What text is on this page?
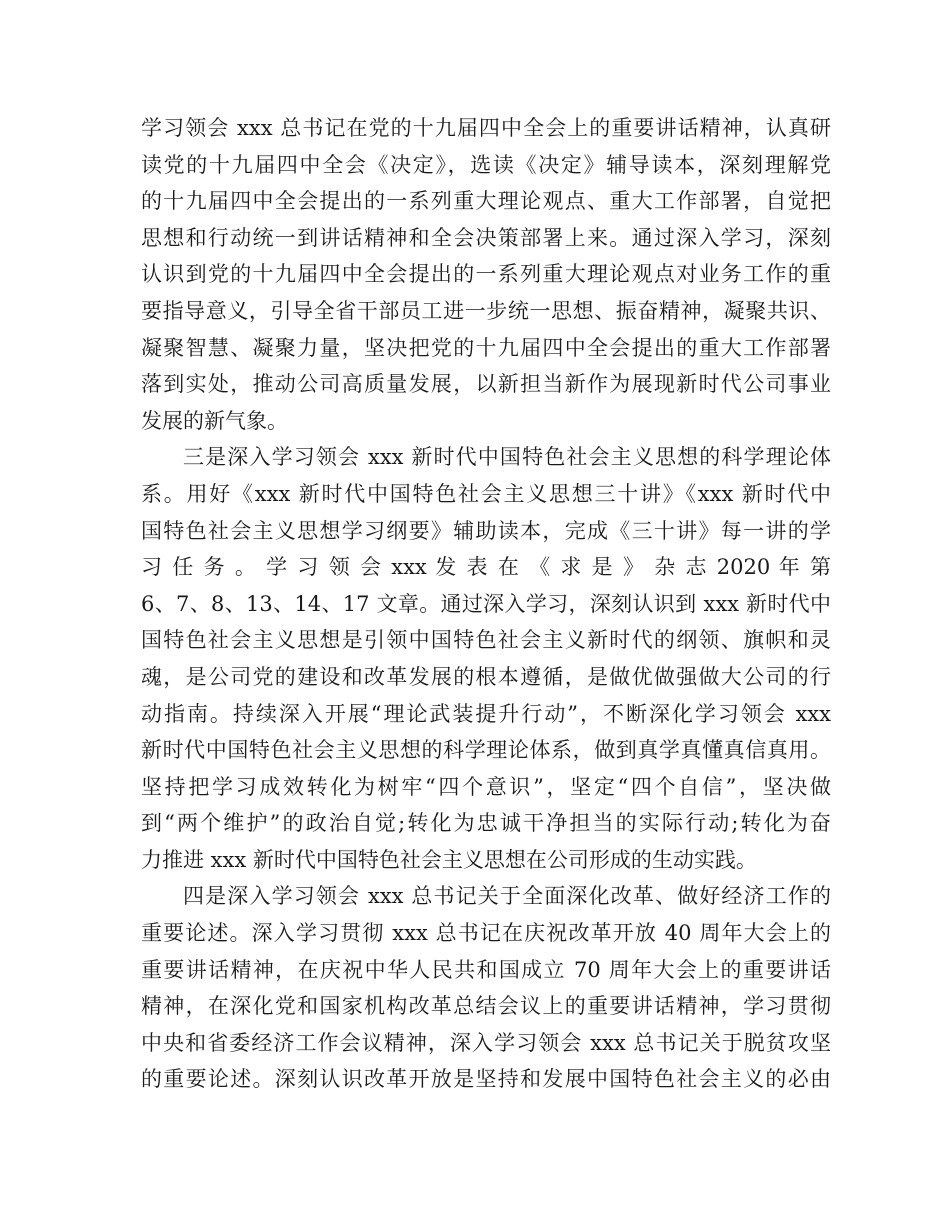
学习领会 xxx 总书记在党的十九届四中全会上的重要讲话精神，认真研
读党的十九届四中全会《决定》，选读《决定》辅导读本，深刻理解党
的十九届四中全会提出的一系列重大理论观点、重大工作部署，自觉把
思想和行动统一到讲话精神和全会决策部署上来。通过深入学习，深刻
认识到党的十九届四中全会提出的一系列重大理论观点对业务工作的重
要指导意义，引导全省干部员工进一步统一思想、振奋精神，凝聚共识、
凝聚智慧、凝聚力量，坚决把党的十九届四中全会提出的重大工作部署
落到实处，推动公司高质量发展，以新担当新作为展现新时代公司事业
发展的新气象。
三是深入学习领会 xxx 新时代中国特色社会主义思想的科学理论体
系。用好《xxx 新时代中国特色社会主义思想三十讲》《xxx 新时代中
国特色社会主义思想学习纲要》辅助读本，完成《三十讲》每一讲的学
习 任 务 。 学 习 领 会 xxx 发 表 在 《 求 是 》 杂 志 2020 年 第
6、7、8、13、14、17 文章。通过深入学习，深刻认识到 xxx 新时代中
国特色社会主义思想是引领中国特色社会主义新时代的纲领、旗帜和灵
魂，是公司党的建设和改革发展的根本遵循，是做优做强做大公司的行
动指南。持续深入开展“理论武装提升行动”，不断深化学习领会 xxx
新时代中国特色社会主义思想的科学理论体系，做到真学真懂真信真用。
坚持把学习成效转化为树牢“四个意识”，坚定“四个自信”，坚决做
到“两个维护”的政治自觉;转化为忠诚干净担当的实际行动;转化为奋
力推进 xxx 新时代中国特色社会主义思想在公司形成的生动实践。
四是深入学习领会 xxx 总书记关于全面深化改革、做好经济工作的
重要论述。深入学习贯彻 xxx 总书记在庆祝改革开放 40 周年大会上的
重要讲话精神，在庆祝中华人民共和国成立 70 周年大会上的重要讲话
精神，在深化党和国家机构改革总结会议上的重要讲话精神，学习贯彻
中央和省委经济工作会议精神，深入学习领会 xxx 总书记关于脱贫攻坚
的重要论述。深刻认识改革开放是坚持和发展中国特色社会主义的必由
